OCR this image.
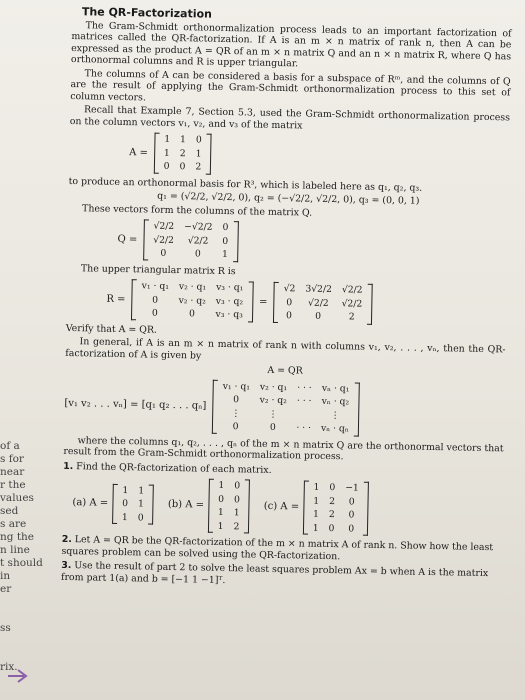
of a
s for
near
r the
values
sed
s are
ng the
n line
t should
in
er

ss

rix.
The QR-Factorization

The Gram-Schmidt orthonormalization process leads to an important factorization of matrices called the QR-factorization. If A is an m × n matrix of rank n, then A can be expressed as the product A = QR of an m × n matrix Q and an n × n matrix R, where Q has orthonormal columns and R is upper triangular.

The columns of A can be considered a basis for a subspace of Rᵐ, and the columns of Q are the result of applying the Gram-Schmidt orthonormalization process to this set of column vectors.

Recall that Example 7, Section 5.3, used the Gram-Schmidt orthonormalization process on the column vectors v₁, v₂, and v₃ of the matrix

A =
1	1	0
1	2	1
0	0	2

to produce an orthonormal basis for R³, which is labeled here as q₁, q₂, q₃.

q₁ = (√2/2, √2/2, 0), q₂ = (−√2/2, √2/2, 0), q₃ = (0, 0, 1)

These vectors form the columns of the matrix Q.

Q =
√2/2	−√2/2	0
√2/2	√2/2	0
0	0	1

The upper triangular matrix R is

R =
v₁ · q₁	v₂ · q₁	v₃ · q₁
0	v₂ · q₂	v₃ · q₂
0	0	v₃ · q₃
=
√2	3√2/2	√2/2
0	√2/2	√2/2
0	0	2

Verify that A = QR.

In general, if A is an m × n matrix of rank n with columns v₁, v₂, . . . , vₙ, then the QR-factorization of A is given by

A = QR

[v₁ v₂ . . . vₙ] = [q₁ q₂ . . . qₙ]
v₁ · q₁	v₂ · q₁	· · ·	vₙ · q₁
0	v₂ · q₂	· · ·	vₙ · q₂
⋮	⋮		⋮
0	0	· · ·	vₙ · qₙ

where the columns q₁, q₂, . . . , qₙ of the m × n matrix Q are the orthonormal vectors that result from the Gram-Schmidt orthonormalization process.

1. Find the QR-factorization of each matrix.
(a) A =
1	1
0	1
1	0
(b) A =
1	0
0	0
1	1
1	2
(c) A =
1	0	−1
1	2	0
1	2	0
1	0	0
2. Let A = QR be the QR-factorization of the m × n matrix A of rank n. Show how the least squares problem can be solved using the QR-factorization.
3. Use the result of part 2 to solve the least squares problem Ax = b when A is the matrix from part 1(a) and b = [−1 1 −1]ᵀ.
